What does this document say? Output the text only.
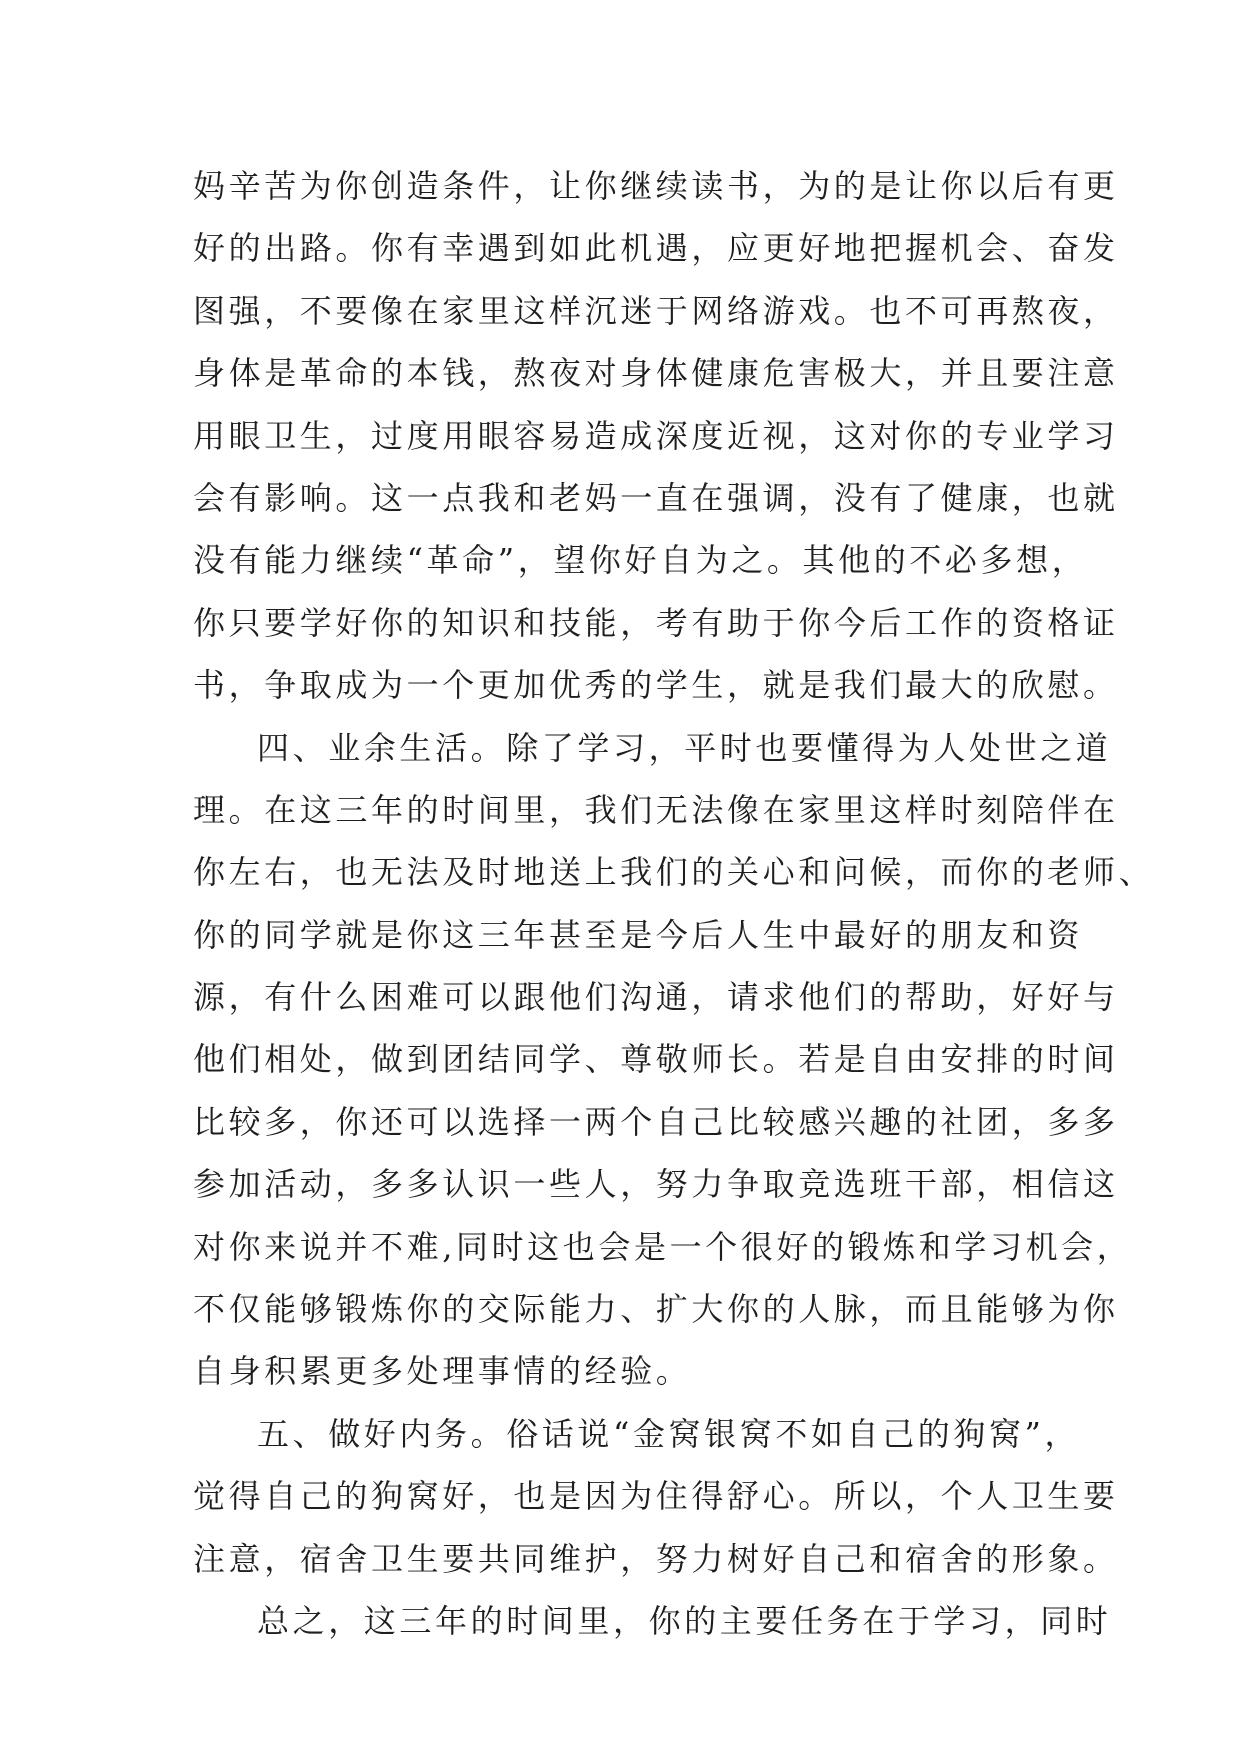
妈辛苦为你创造条件，让你继续读书，为的是让你以后有更
好的出路。你有幸遇到如此机遇，应更好地把握机会、奋发
图强，不要像在家里这样沉迷于网络游戏。也不可再熬夜，
身体是革命的本钱，熬夜对身体健康危害极大，并且要注意
用眼卫生，过度用眼容易造成深度近视，这对你的专业学习
会有影响。这一点我和老妈一直在强调，没有了健康，也就
没有能力继续“革命”，望你好自为之。其他的不必多想，
你只要学好你的知识和技能，考有助于你今后工作的资格证
书，争取成为一个更加优秀的学生，就是我们最大的欣慰。
四、业余生活。除了学习，平时也要懂得为人处世之道
理。在这三年的时间里，我们无法像在家里这样时刻陪伴在
你左右，也无法及时地送上我们的关心和问候，而你的老师、
你的同学就是你这三年甚至是今后人生中最好的朋友和资
源，有什么困难可以跟他们沟通，请求他们的帮助，好好与
他们相处，做到团结同学、尊敬师长。若是自由安排的时间
比较多，你还可以选择一两个自己比较感兴趣的社团，多多
参加活动，多多认识一些人，努力争取竞选班干部，相信这
对你来说并不难,同时这也会是一个很好的锻炼和学习机会，
不仅能够锻炼你的交际能力、扩大你的人脉，而且能够为你
自身积累更多处理事情的经验。
五、做好内务。俗话说“金窝银窝不如自己的狗窝”，
觉得自己的狗窝好，也是因为住得舒心。所以，个人卫生要
注意，宿舍卫生要共同维护，努力树好自己和宿舍的形象。
总之，这三年的时间里，你的主要任务在于学习，同时
